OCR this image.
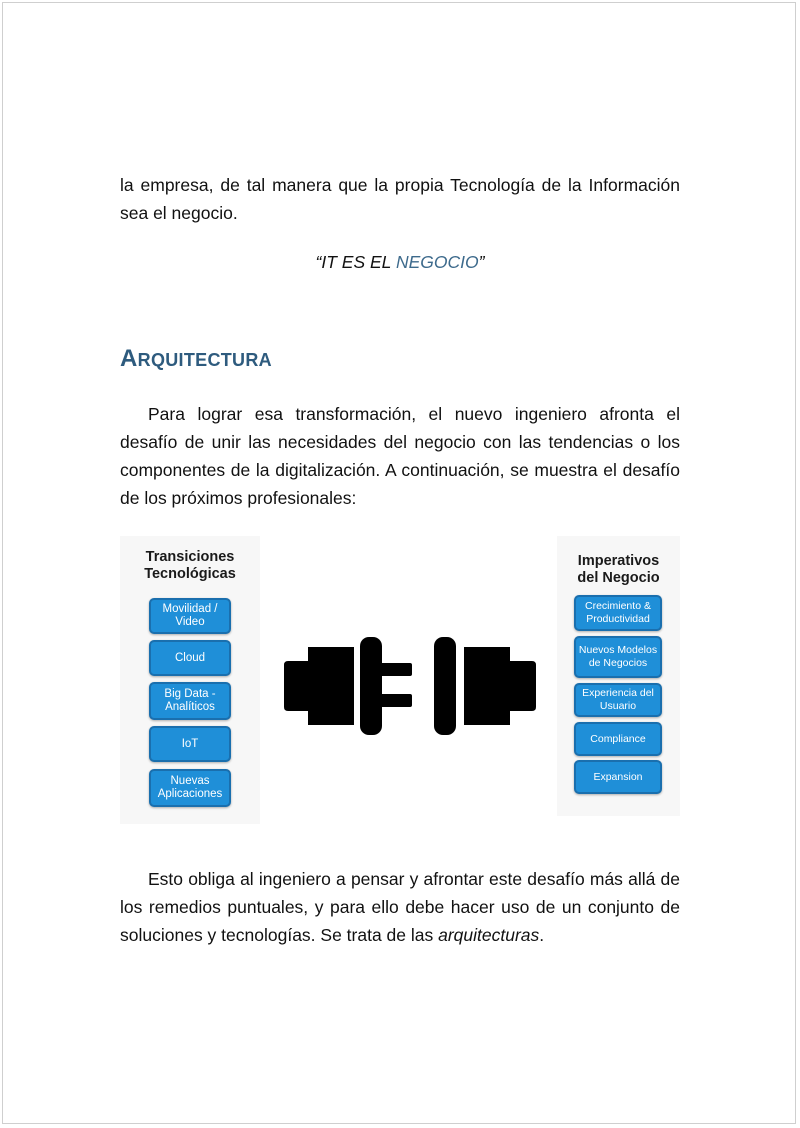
la empresa, de tal manera que la propia Tecnología de la Información sea el negocio.
“IT ES EL NEGOCIO”
ARQUITECTURA
Para lograr esa transformación, el nuevo ingeniero afronta el desafío de unir las necesidades del negocio con las tendencias o los componentes de la digitalización. A continuación, se muestra el desafío de los próximos profesionales:
Transiciones
Tecnológicas
Movilidad / Video
Cloud
Big Data - Analíticos
IoT
Nuevas Aplicaciones
Imperativos
del Negocio
Crecimiento & Productividad
Nuevos Modelos de Negocios
Experiencia del Usuario
Compliance
Expansion
Esto obliga al ingeniero a pensar y afrontar este desafío más allá de los remedios puntuales, y para ello debe hacer uso de un conjunto de soluciones y tecnologías. Se trata de las arquitecturas.
